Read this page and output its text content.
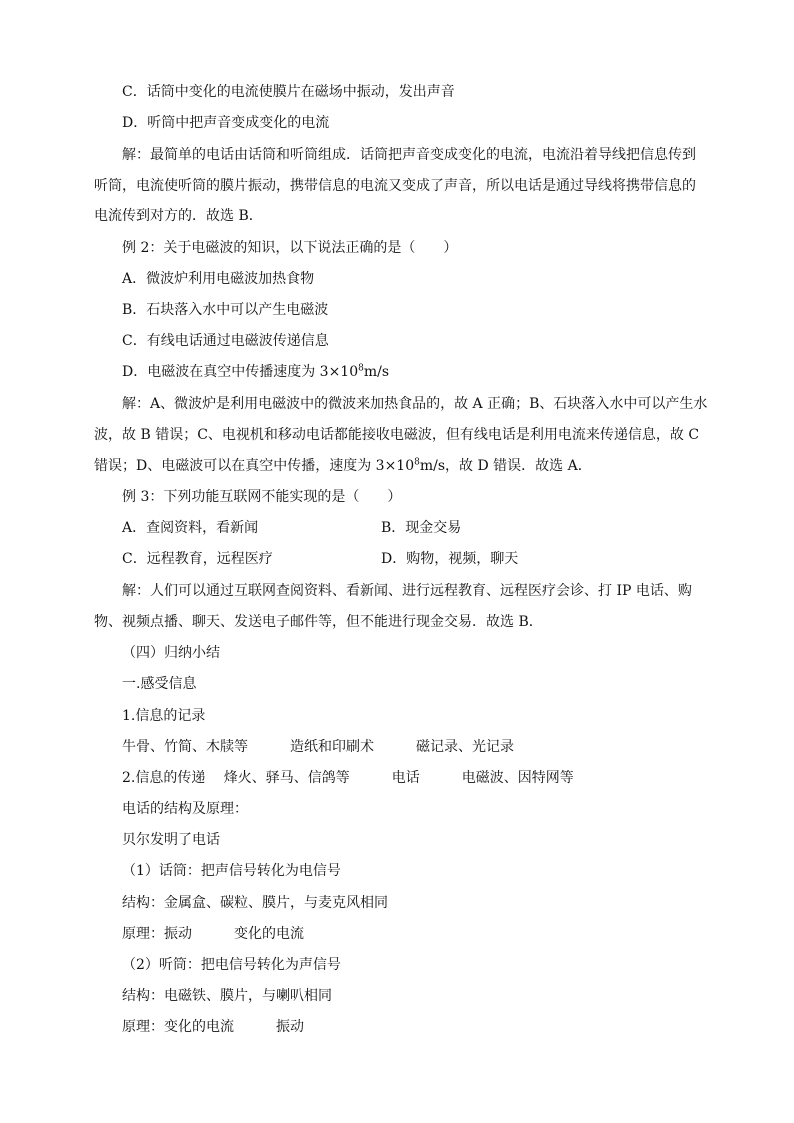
C．话筒中变化的电流使膜片在磁场中振动，发出声音
D．听筒中把声音变成变化的电流
解：最简单的电话由话筒和听筒组成．话筒把声音变成变化的电流，电流沿着导线把信息传到
听筒，电流使听筒的膜片振动，携带信息的电流又变成了声音，所以电话是通过导线将携带信息的
电流传到对方的．故选 B．
例 2：关于电磁波的知识，以下说法正确的是（　　）
A．微波炉利用电磁波加热食物
B．石块落入水中可以产生电磁波
C．有线电话通过电磁波传递信息
D．电磁波在真空中传播速度为 $3\times 10^8m/s$
解：A、微波炉是利用电磁波中的微波来加热食品的，故 A 正确；B、石块落入水中可以产生水
波，故 B 错误；C、电视机和移动电话都能接收电磁波，但有线电话是利用电流来传递信息，故 C
错误；D、电磁波可以在真空中传播，速度为 $3\times 10^8m/s$，故 D 错误．故选 A．
例 3：下列功能互联网不能实现的是（　　）
A．查阅资料，看新闻	B．现金交易
C．远程教育，远程医疗	D．购物，视频，聊天
解：人们可以通过互联网查阅资料、看新闻、进行远程教育、远程医疗会诊、打 IP 电话、购
物、视频点播、聊天、发送电子邮件等，但不能进行现金交易．故选 B．
（四）归纳小结
一.感受信息
1.信息的记录
牛骨、竹简、木牍等　　　造纸和印刷术　　　磁记录、光记录
2.信息的传递　 烽火、驿马、信鸽等　　　电话　　　电磁波、因特网等
电话的结构及原理：
贝尔发明了电话
（1）话筒：把声信号转化为电信号
结构：金属盒、碳粒、膜片，与麦克风相同
原理：振动　　　变化的电流
（2）听筒：把电信号转化为声信号
结构：电磁铁、膜片，与喇叭相同
原理：变化的电流　　　振动
